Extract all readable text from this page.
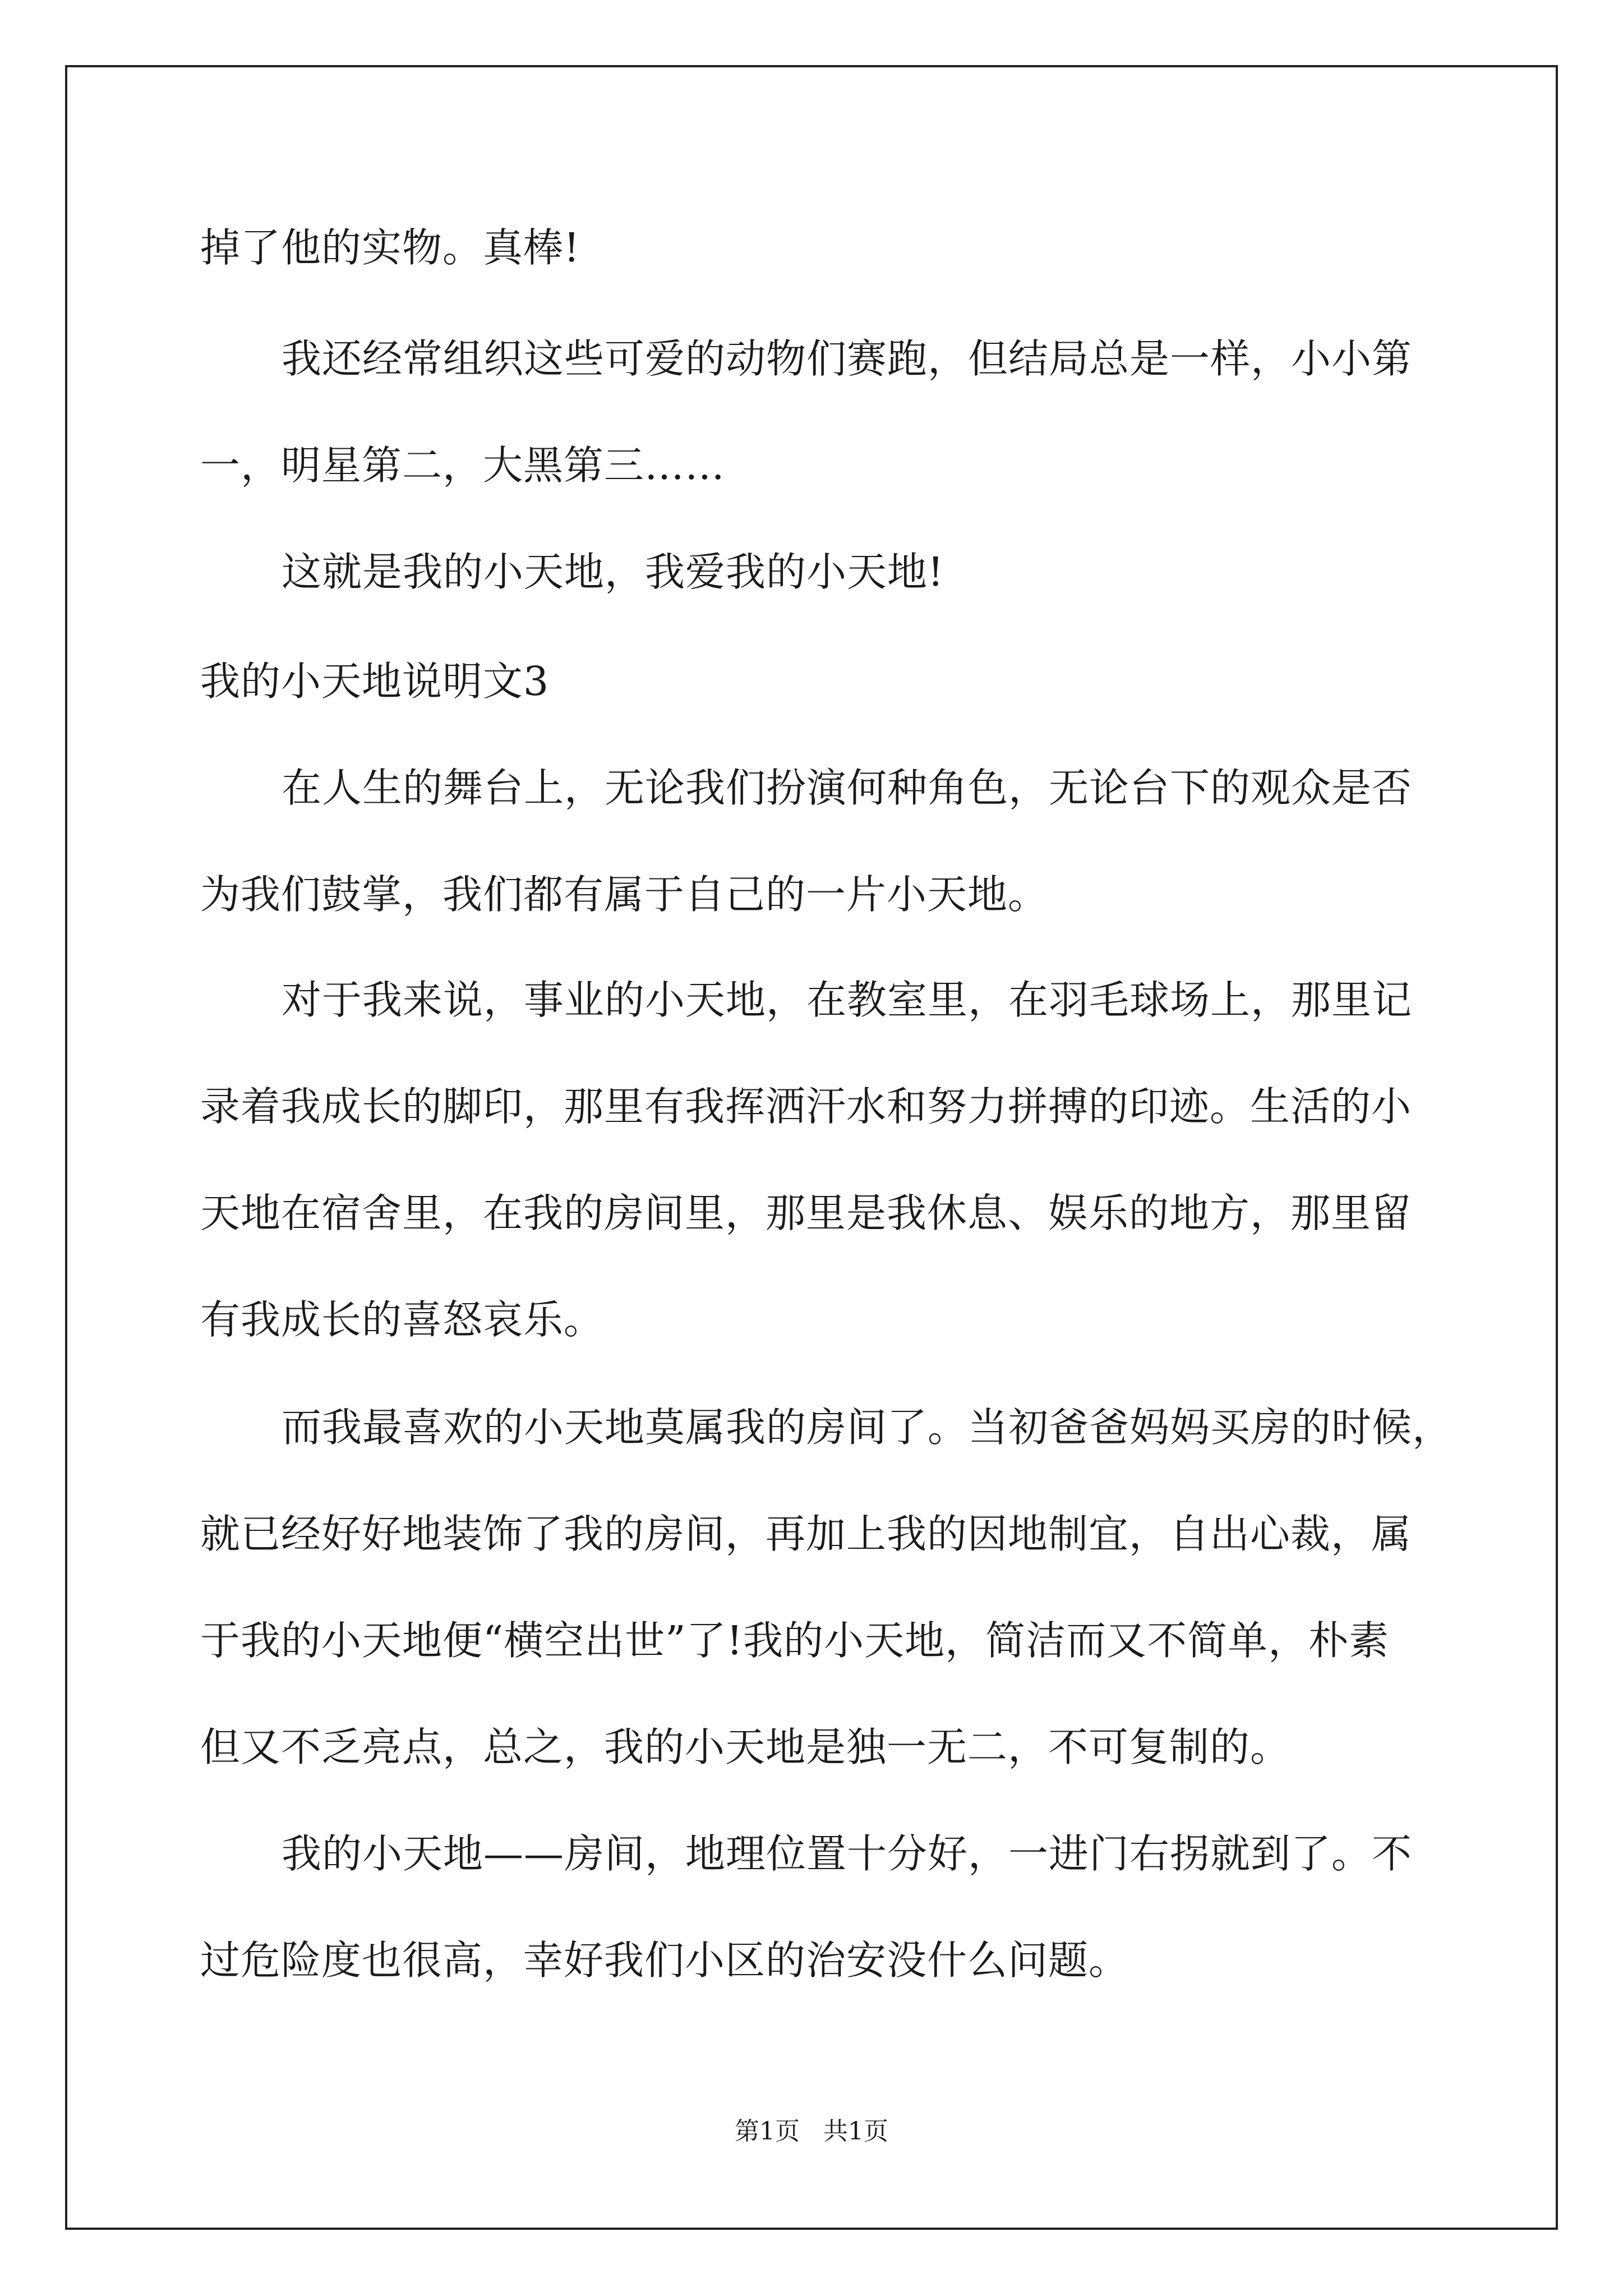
掉了他的实物。真棒!
我还经常组织这些可爱的动物们赛跑，但结局总是一样，小小第
一，明星第二，大黑第三……
这就是我的小天地，我爱我的小天地!
我的小天地说明文3
在人生的舞台上，无论我们扮演何种角色，无论台下的观众是否
为我们鼓掌，我们都有属于自己的一片小天地。
对于我来说，事业的小天地，在教室里，在羽毛球场上，那里记
录着我成长的脚印，那里有我挥洒汗水和努力拼搏的印迹。生活的小
天地在宿舍里，在我的房间里，那里是我休息、娱乐的地方，那里留
有我成长的喜怒哀乐。
而我最喜欢的小天地莫属我的房间了。当初爸爸妈妈买房的时候，
就已经好好地装饰了我的房间，再加上我的因地制宜，自出心裁，属
于我的小天地便“横空出世”了!我的小天地，简洁而又不简单，朴素
但又不乏亮点，总之，我的小天地是独一无二，不可复制的。
我的小天地——房间，地理位置十分好，一进门右拐就到了。不
过危险度也很高，幸好我们小区的治安没什么问题。
第1页   共1页
